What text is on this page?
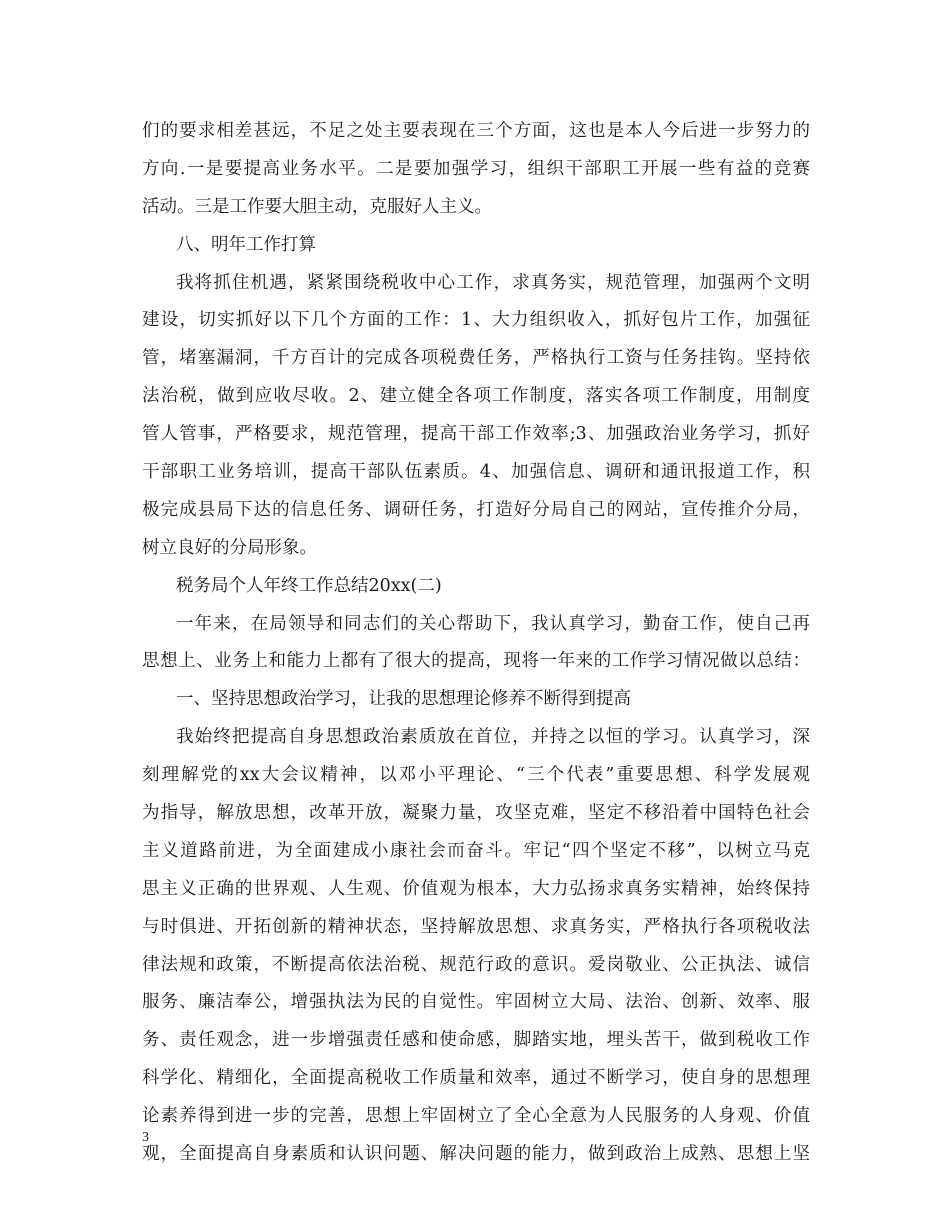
们的要求相差甚远，不足之处主要表现在三个方面，这也是本人今后进一步努力的
方向.一是要提高业务水平。二是要加强学习，组织干部职工开展一些有益的竞赛
活动。三是工作要大胆主动，克服好人主义。
八、明年工作打算
我将抓住机遇，紧紧围绕税收中心工作，求真务实，规范管理，加强两个文明
建设，切实抓好以下几个方面的工作：1、大力组织收入，抓好包片工作，加强征
管，堵塞漏洞，千方百计的完成各项税费任务，严格执行工资与任务挂钩。坚持依
法治税，做到应收尽收。2、建立健全各项工作制度，落实各项工作制度，用制度
管人管事，严格要求，规范管理，提高干部工作效率;3、加强政治业务学习，抓好
干部职工业务培训，提高干部队伍素质。4、加强信息、调研和通讯报道工作，积
极完成县局下达的信息任务、调研任务，打造好分局自己的网站，宣传推介分局，
树立良好的分局形象。
税务局个人年终工作总结20xx(二)
一年来，在局领导和同志们的关心帮助下，我认真学习，勤奋工作，使自己再
思想上、业务上和能力上都有了很大的提高，现将一年来的工作学习情况做以总结：
一、坚持思想政治学习，让我的思想理论修养不断得到提高
我始终把提高自身思想政治素质放在首位，并持之以恒的学习。认真学习，深
刻理解党的xx大会议精神，以邓小平理论、“三个代表”重要思想、科学发展观
为指导，解放思想，改革开放，凝聚力量，攻坚克难，坚定不移沿着中国特色社会
主义道路前进，为全面建成小康社会而奋斗。牢记“四个坚定不移”，以树立马克
思主义正确的世界观、人生观、价值观为根本，大力弘扬求真务实精神，始终保持
与时俱进、开拓创新的精神状态，坚持解放思想、求真务实，严格执行各项税收法
律法规和政策，不断提高依法治税、规范行政的意识。爱岗敬业、公正执法、诚信
服务、廉洁奉公，增强执法为民的自觉性。牢固树立大局、法治、创新、效率、服
务、责任观念，进一步增强责任感和使命感，脚踏实地，埋头苦干，做到税收工作
科学化、精细化，全面提高税收工作质量和效率，通过不断学习，使自身的思想理
论素养得到进一步的完善，思想上牢固树立了全心全意为人民服务的人身观、价值
观，全面提高自身素质和认识问题、解决问题的能力，做到政治上成熟、思想上坚
3
